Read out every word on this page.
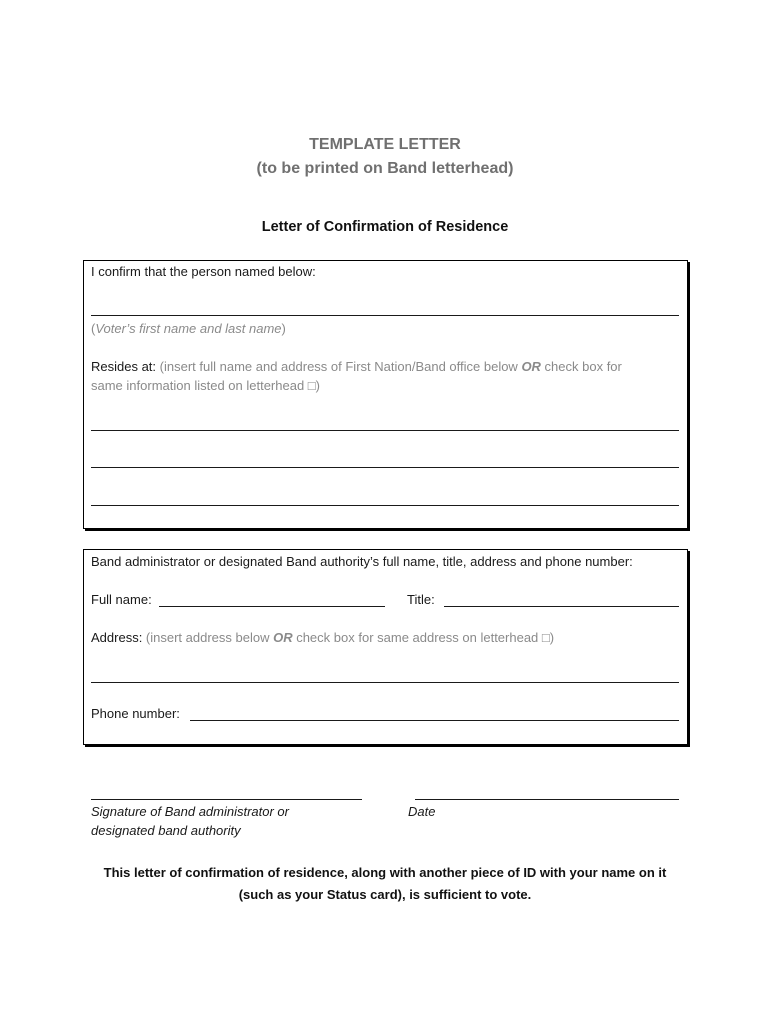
TEMPLATE LETTER
(to be printed on Band letterhead)
Letter of Confirmation of Residence
I confirm that the person named below:
(Voter’s first name and last name)
Resides at: (insert full name and address of First Nation/Band office below OR check box for
same information listed on letterhead □)
Band administrator or designated Band authority’s full name, title, address and phone number:
Full name:	Title:
Address: (insert address below OR check box for same address on letterhead □)
Phone number:
Signature of Band administrator or
designated band authority
Date
This letter of confirmation of residence, along with another piece of ID with your name on it
(such as your Status card), is sufficient to vote.
